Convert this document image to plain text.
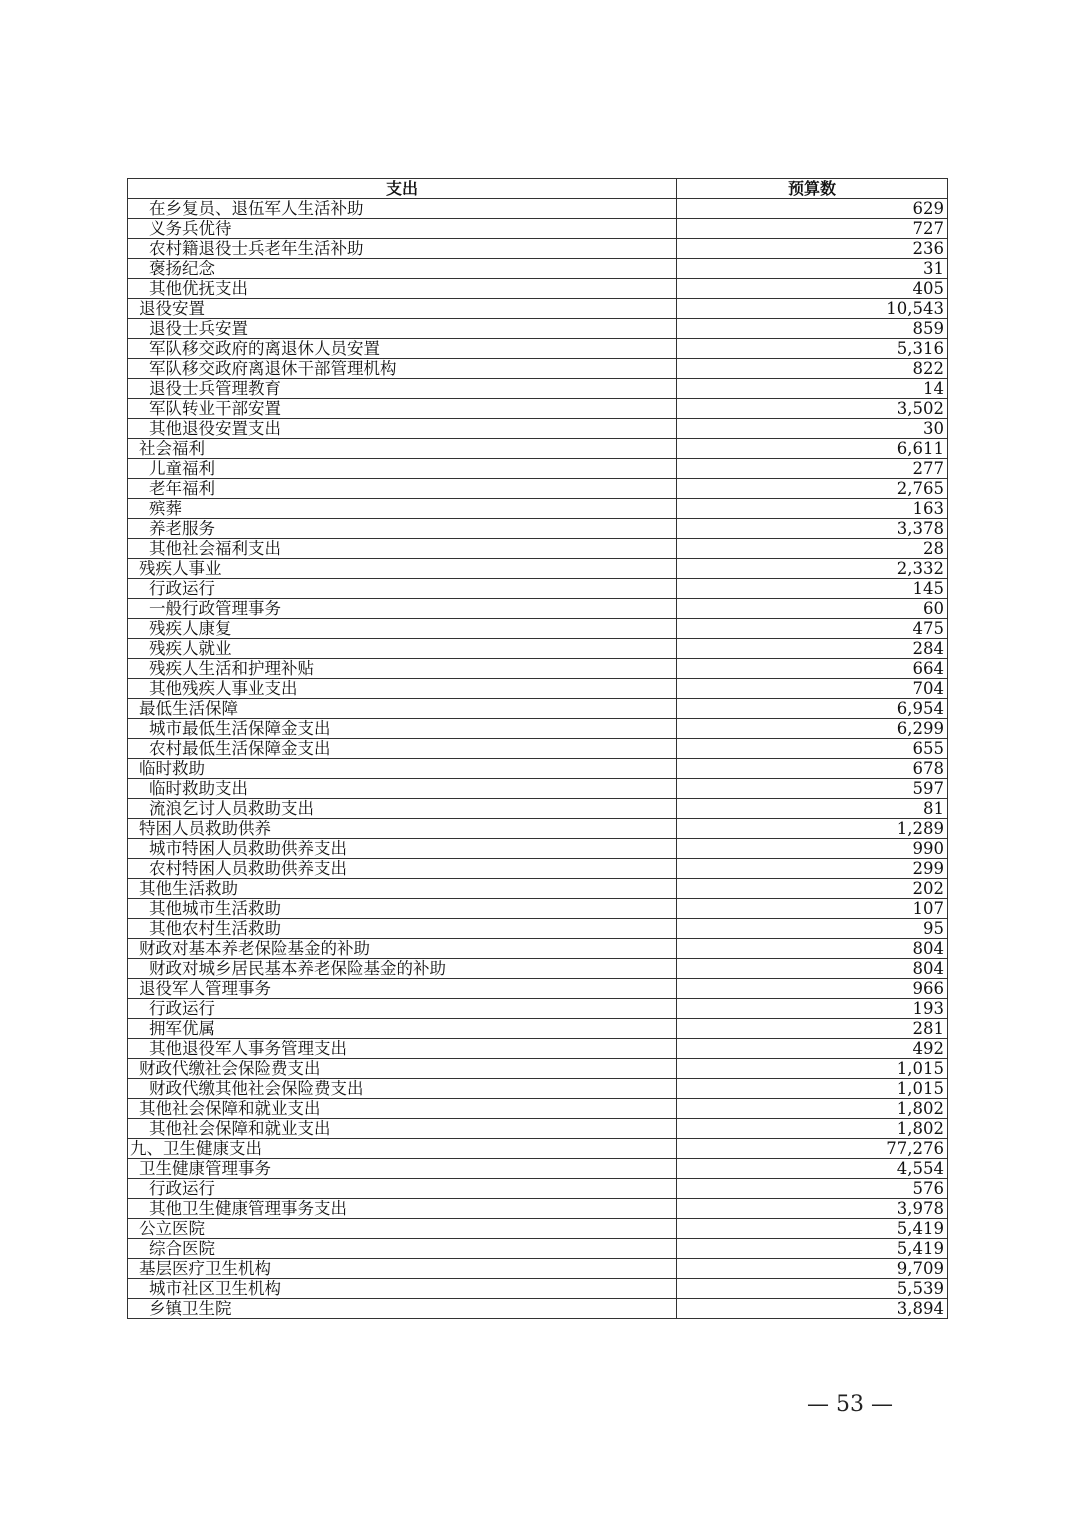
支出	预算数
在乡复员、退伍军人生活补助	629
义务兵优待	727
农村籍退役士兵老年生活补助	236
褒扬纪念	31
其他优抚支出	405
退役安置	10,543
退役士兵安置	859
军队移交政府的离退休人员安置	5,316
军队移交政府离退休干部管理机构	822
退役士兵管理教育	14
军队转业干部安置	3,502
其他退役安置支出	30
社会福利	6,611
儿童福利	277
老年福利	2,765
殡葬	163
养老服务	3,378
其他社会福利支出	28
残疾人事业	2,332
行政运行	145
一般行政管理事务	60
残疾人康复	475
残疾人就业	284
残疾人生活和护理补贴	664
其他残疾人事业支出	704
最低生活保障	6,954
城市最低生活保障金支出	6,299
农村最低生活保障金支出	655
临时救助	678
临时救助支出	597
流浪乞讨人员救助支出	81
特困人员救助供养	1,289
城市特困人员救助供养支出	990
农村特困人员救助供养支出	299
其他生活救助	202
其他城市生活救助	107
其他农村生活救助	95
财政对基本养老保险基金的补助	804
财政对城乡居民基本养老保险基金的补助	804
退役军人管理事务	966
行政运行	193
拥军优属	281
其他退役军人事务管理支出	492
财政代缴社会保险费支出	1,015
财政代缴其他社会保险费支出	1,015
其他社会保障和就业支出	1,802
其他社会保障和就业支出	1,802
九、卫生健康支出	77,276
卫生健康管理事务	4,554
行政运行	576
其他卫生健康管理事务支出	3,978
公立医院	5,419
综合医院	5,419
基层医疗卫生机构	9,709
城市社区卫生机构	5,539
乡镇卫生院	3,894
— 53 —
